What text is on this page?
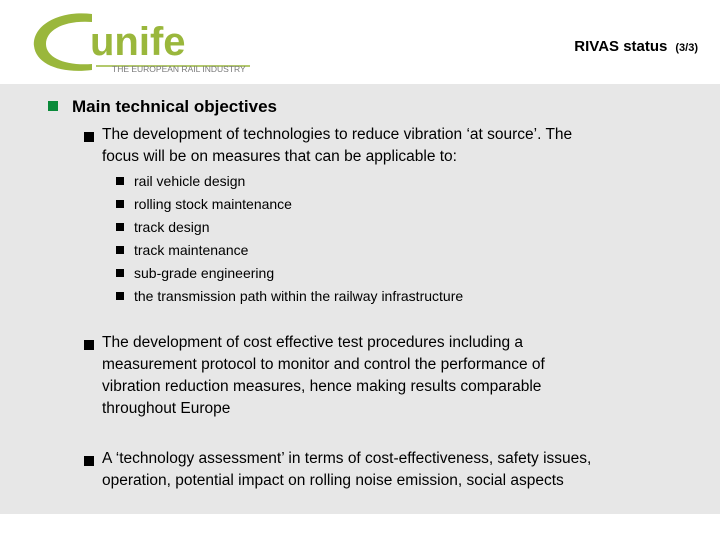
unife
THE EUROPEAN RAIL INDUSTRY
RIVAS status (3/3)
Main technical objectives
The development of technologies to reduce vibration ‘at source’. The
focus will be on measures that can be applicable to:
rail vehicle design
rolling stock maintenance
track design
track maintenance
sub-grade engineering
the transmission path within the railway infrastructure
The development of cost effective test procedures including a
measurement protocol to monitor and control the performance of
vibration reduction measures, hence making results comparable
throughout Europe
A ‘technology assessment’ in terms of cost-effectiveness, safety issues,
operation, potential impact on rolling noise emission, social aspects
